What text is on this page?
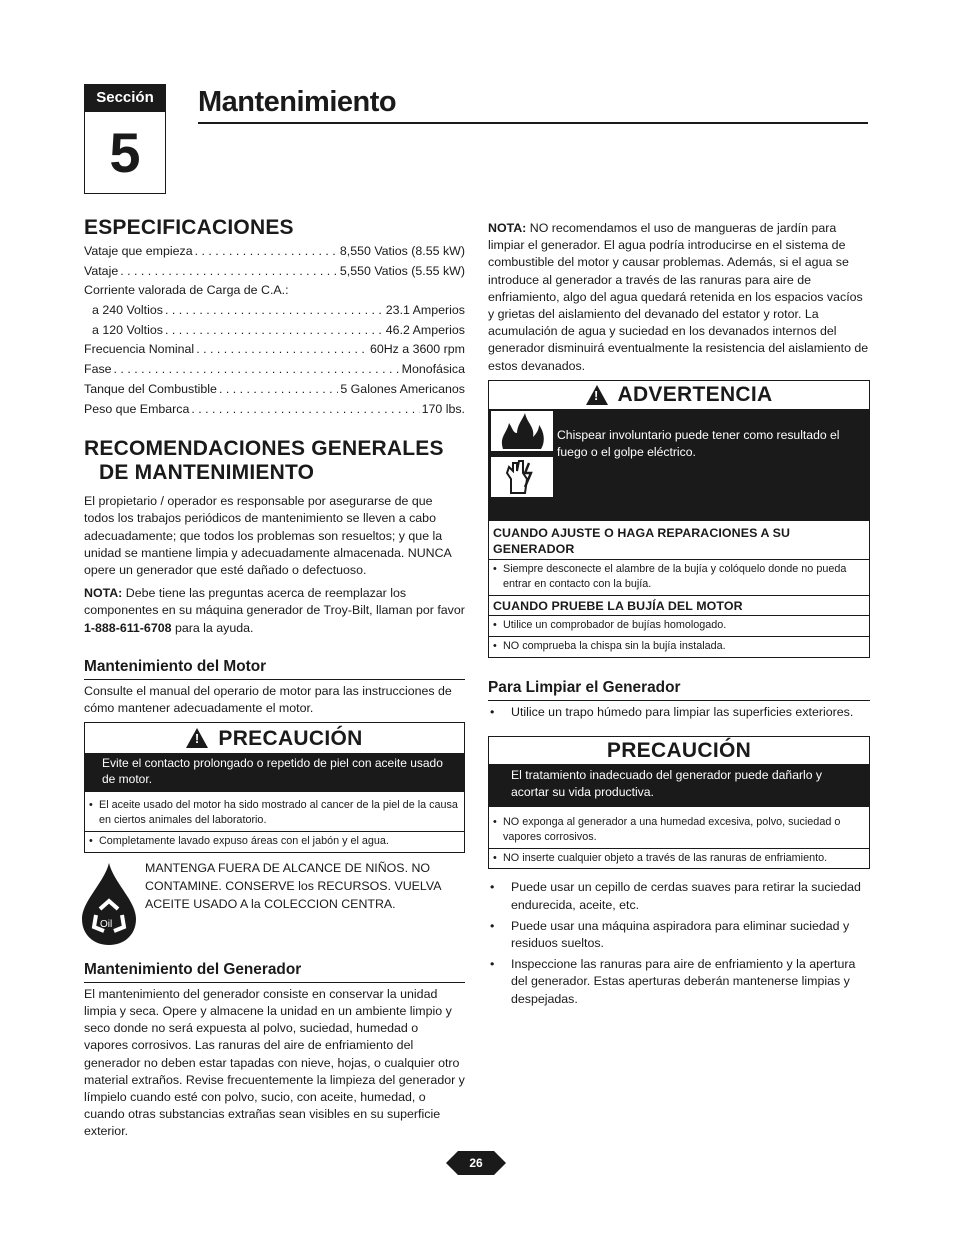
Sección
5
Mantenimiento
ESPECIFICACIONES
Vataje que empieza . . .	8,550 Vatios (8.55 kW)
Vataje . . .	5,550 Vatios (5.55 kW)
Corriente valorada de Carga de C.A.:
a 240 Voltios . . .	23.1 Amperios
a 120 Voltios . . .	46.2 Amperios
Frecuencia Nominal . . .	60Hz a 3600 rpm
Fase . . .	Monofásica
Tanque del Combustible . . .	5 Galones Americanos
Peso que Embarca . . .	170 lbs.
RECOMENDACIONES GENERALES
DE MANTENIMIENTO

El propietario / operador es responsable por asegurarse de que todos los trabajos periódicos de mantenimiento se lleven a cabo adecuadamente; que todos los problemas son resueltos; y que la unidad se mantiene limpia y adecuadamente almacenada. NUNCA opere un generador que esté dañado o defectuoso.

NOTA: Debe tiene las preguntas acerca de reemplazar los componentes en su máquina generador de Troy-Bilt, llaman por favor 1-888-611-6708 para la ayuda.

Mantenimiento del Motor

Consulte el manual del operario de motor para las instrucciones de cómo mantener adecuadamente el motor.

!
PRECAUCIÓN
Evite el contacto prolongado o repetido de piel con aceite usado de motor.
• El aceite usado del motor ha sido mostrado al cancer de la piel de la causa en ciertos animales del laboratorio.
• Completamente lavado expuso áreas con el jabón y el agua.
Oil

MANTENGA FUERA DE ALCANCE DE NIÑOS. NO CONTAMINE. CONSERVE los RECURSOS. VUELVA ACEITE USADO A la COLECCION CENTRA.

Mantenimiento del Generador

El mantenimiento del generador consiste en conservar la unidad limpia y seca. Opere y almacene la unidad en un ambiente limpio y seco donde no será expuesta al polvo, suciedad, humedad o vapores corrosivos. Las ranuras del aire de enfriamiento del generador no deben estar tapadas con nieve, hojas, o cualquier otro material extraños. Revise frecuentemente la limpieza del generador y límpielo cuando esté con polvo, sucio, con aceite, humedad, o cuando otras substancias extrañas sean visibles en su superficie exterior.

NOTA: NO recomendamos el uso de mangueras de jardín para limpiar el generador. El agua podría introducirse en el sistema de combustible del motor y causar problemas. Además, si el agua se introduce al generador a través de las ranuras para aire de enfriamiento, algo del agua quedará retenida en los espacios vacíos y grietas del aislamiento del devanado del estator y rotor. La acumulación de agua y suciedad en los devanados internos del generador disminuirá eventualmente la resistencia del aislamiento de estos devanados.

!
ADVERTENCIA

Chispear involuntario puede tener como resultado el fuego o el golpe eléctrico.
CUANDO AJUSTE O HAGA REPARACIONES A SU GENERADOR
• Siempre desconecte el alambre de la bujía y colóquelo donde no pueda entrar en contacto con la bujía.
CUANDO PRUEBE LA BUJÍA DEL MOTOR
• Utilice un comprobador de bujías homologado.
• NO comprueba la chispa sin la bujía instalada.
Para Limpiar el Generador
• Utilice un trapo húmedo para limpiar las superficies exteriores.
PRECAUCIÓN
El tratamiento inadecuado del generador puede dañarlo y acortar su vida productiva.
• NO exponga al generador a una humedad excesiva, polvo, suciedad o vapores corrosivos.
• NO inserte cualquier objeto a través de las ranuras de enfriamiento.
• Puede usar un cepillo de cerdas suaves para retirar la suciedad endurecida, aceite, etc.
• Puede usar una máquina aspiradora para eliminar suciedad y residuos sueltos.
• Inspeccione las ranuras para aire de enfriamiento y la apertura del generador. Estas aperturas deberán mantenerse limpias y despejadas.
26
